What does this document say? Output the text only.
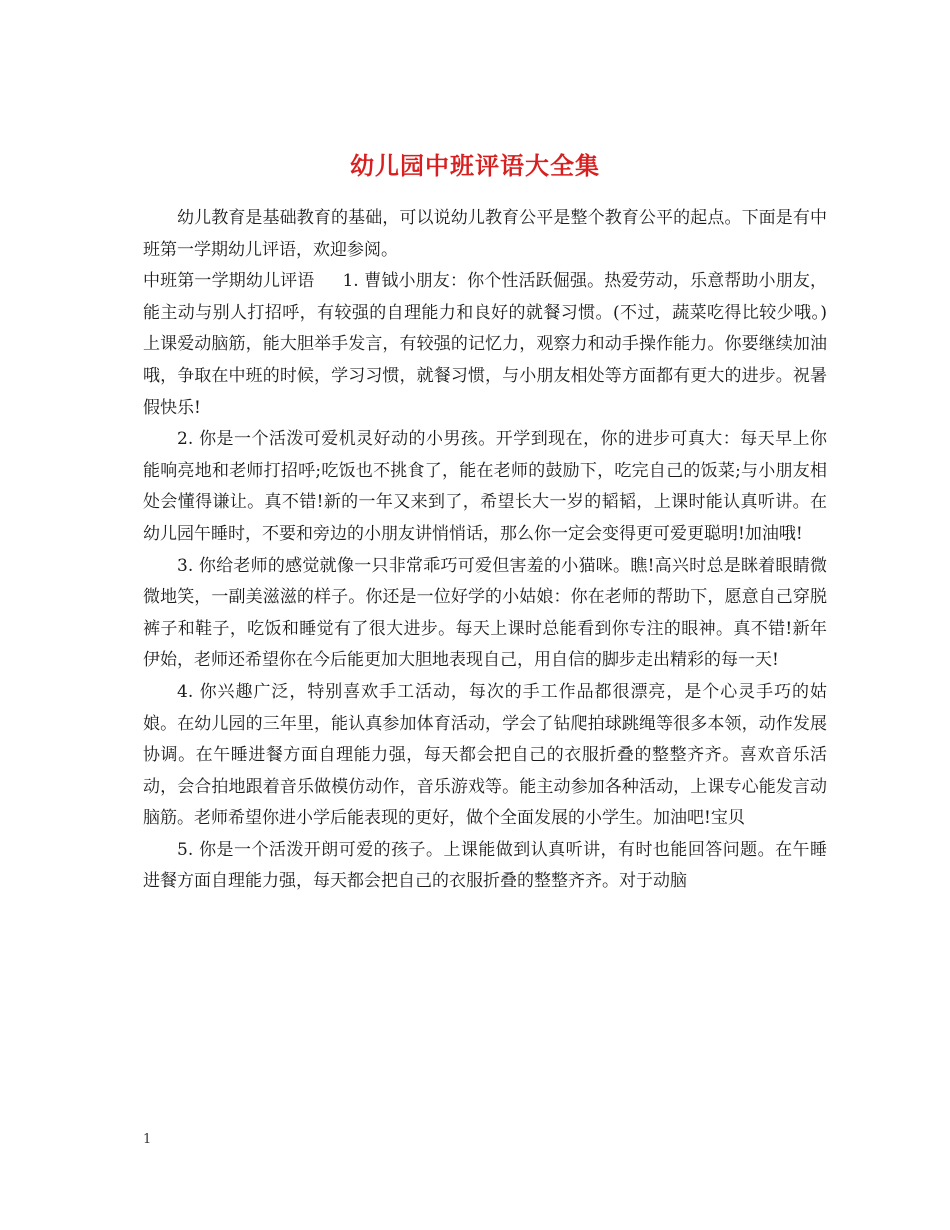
幼儿园中班评语大全集

幼儿教育是基础教育的基础，可以说幼儿教育公平是整个教育公平的起点。下面是有中班第一学期幼儿评语，欢迎参阅。

中班第一学期幼儿评语 1. 曹钺小朋友：你个性活跃倔强。热爱劳动，乐意帮助小朋友，能主动与别人打招呼，有较强的自理能力和良好的就餐习惯。(不过，蔬菜吃得比较少哦。)上课爱动脑筋，能大胆举手发言，有较强的记忆力，观察力和动手操作能力。你要继续加油哦，争取在中班的时候，学习习惯，就餐习惯，与小朋友相处等方面都有更大的进步。祝暑假快乐!

2. 你是一个活泼可爱机灵好动的小男孩。开学到现在，你的进步可真大：每天早上你能响亮地和老师打招呼;吃饭也不挑食了，能在老师的鼓励下，吃完自己的饭菜;与小朋友相处会懂得谦让。真不错!新的一年又来到了，希望长大一岁的韬韬，上课时能认真听讲。在幼儿园午睡时，不要和旁边的小朋友讲悄悄话，那么你一定会变得更可爱更聪明!加油哦!

3. 你给老师的感觉就像一只非常乖巧可爱但害羞的小猫咪。瞧!高兴时总是眯着眼睛微微地笑，一副美滋滋的样子。你还是一位好学的小姑娘：你在老师的帮助下，愿意自己穿脱裤子和鞋子，吃饭和睡觉有了很大进步。每天上课时总能看到你专注的眼神。真不错!新年伊始，老师还希望你在今后能更加大胆地表现自己，用自信的脚步走出精彩的每一天!

4. 你兴趣广泛，特别喜欢手工活动，每次的手工作品都很漂亮，是个心灵手巧的姑娘。在幼儿园的三年里，能认真参加体育活动，学会了钻爬拍球跳绳等很多本领，动作发展协调。在午睡进餐方面自理能力强，每天都会把自己的衣服折叠的整整齐齐。喜欢音乐活动，会合拍地跟着音乐做模仿动作，音乐游戏等。能主动参加各种活动，上课专心能发言动脑筋。老师希望你进小学后能表现的更好，做个全面发展的小学生。加油吧!宝贝

5. 你是一个活泼开朗可爱的孩子。上课能做到认真听讲，有时也能回答问题。在午睡进餐方面自理能力强，每天都会把自己的衣服折叠的整整齐齐。对于动脑

1
